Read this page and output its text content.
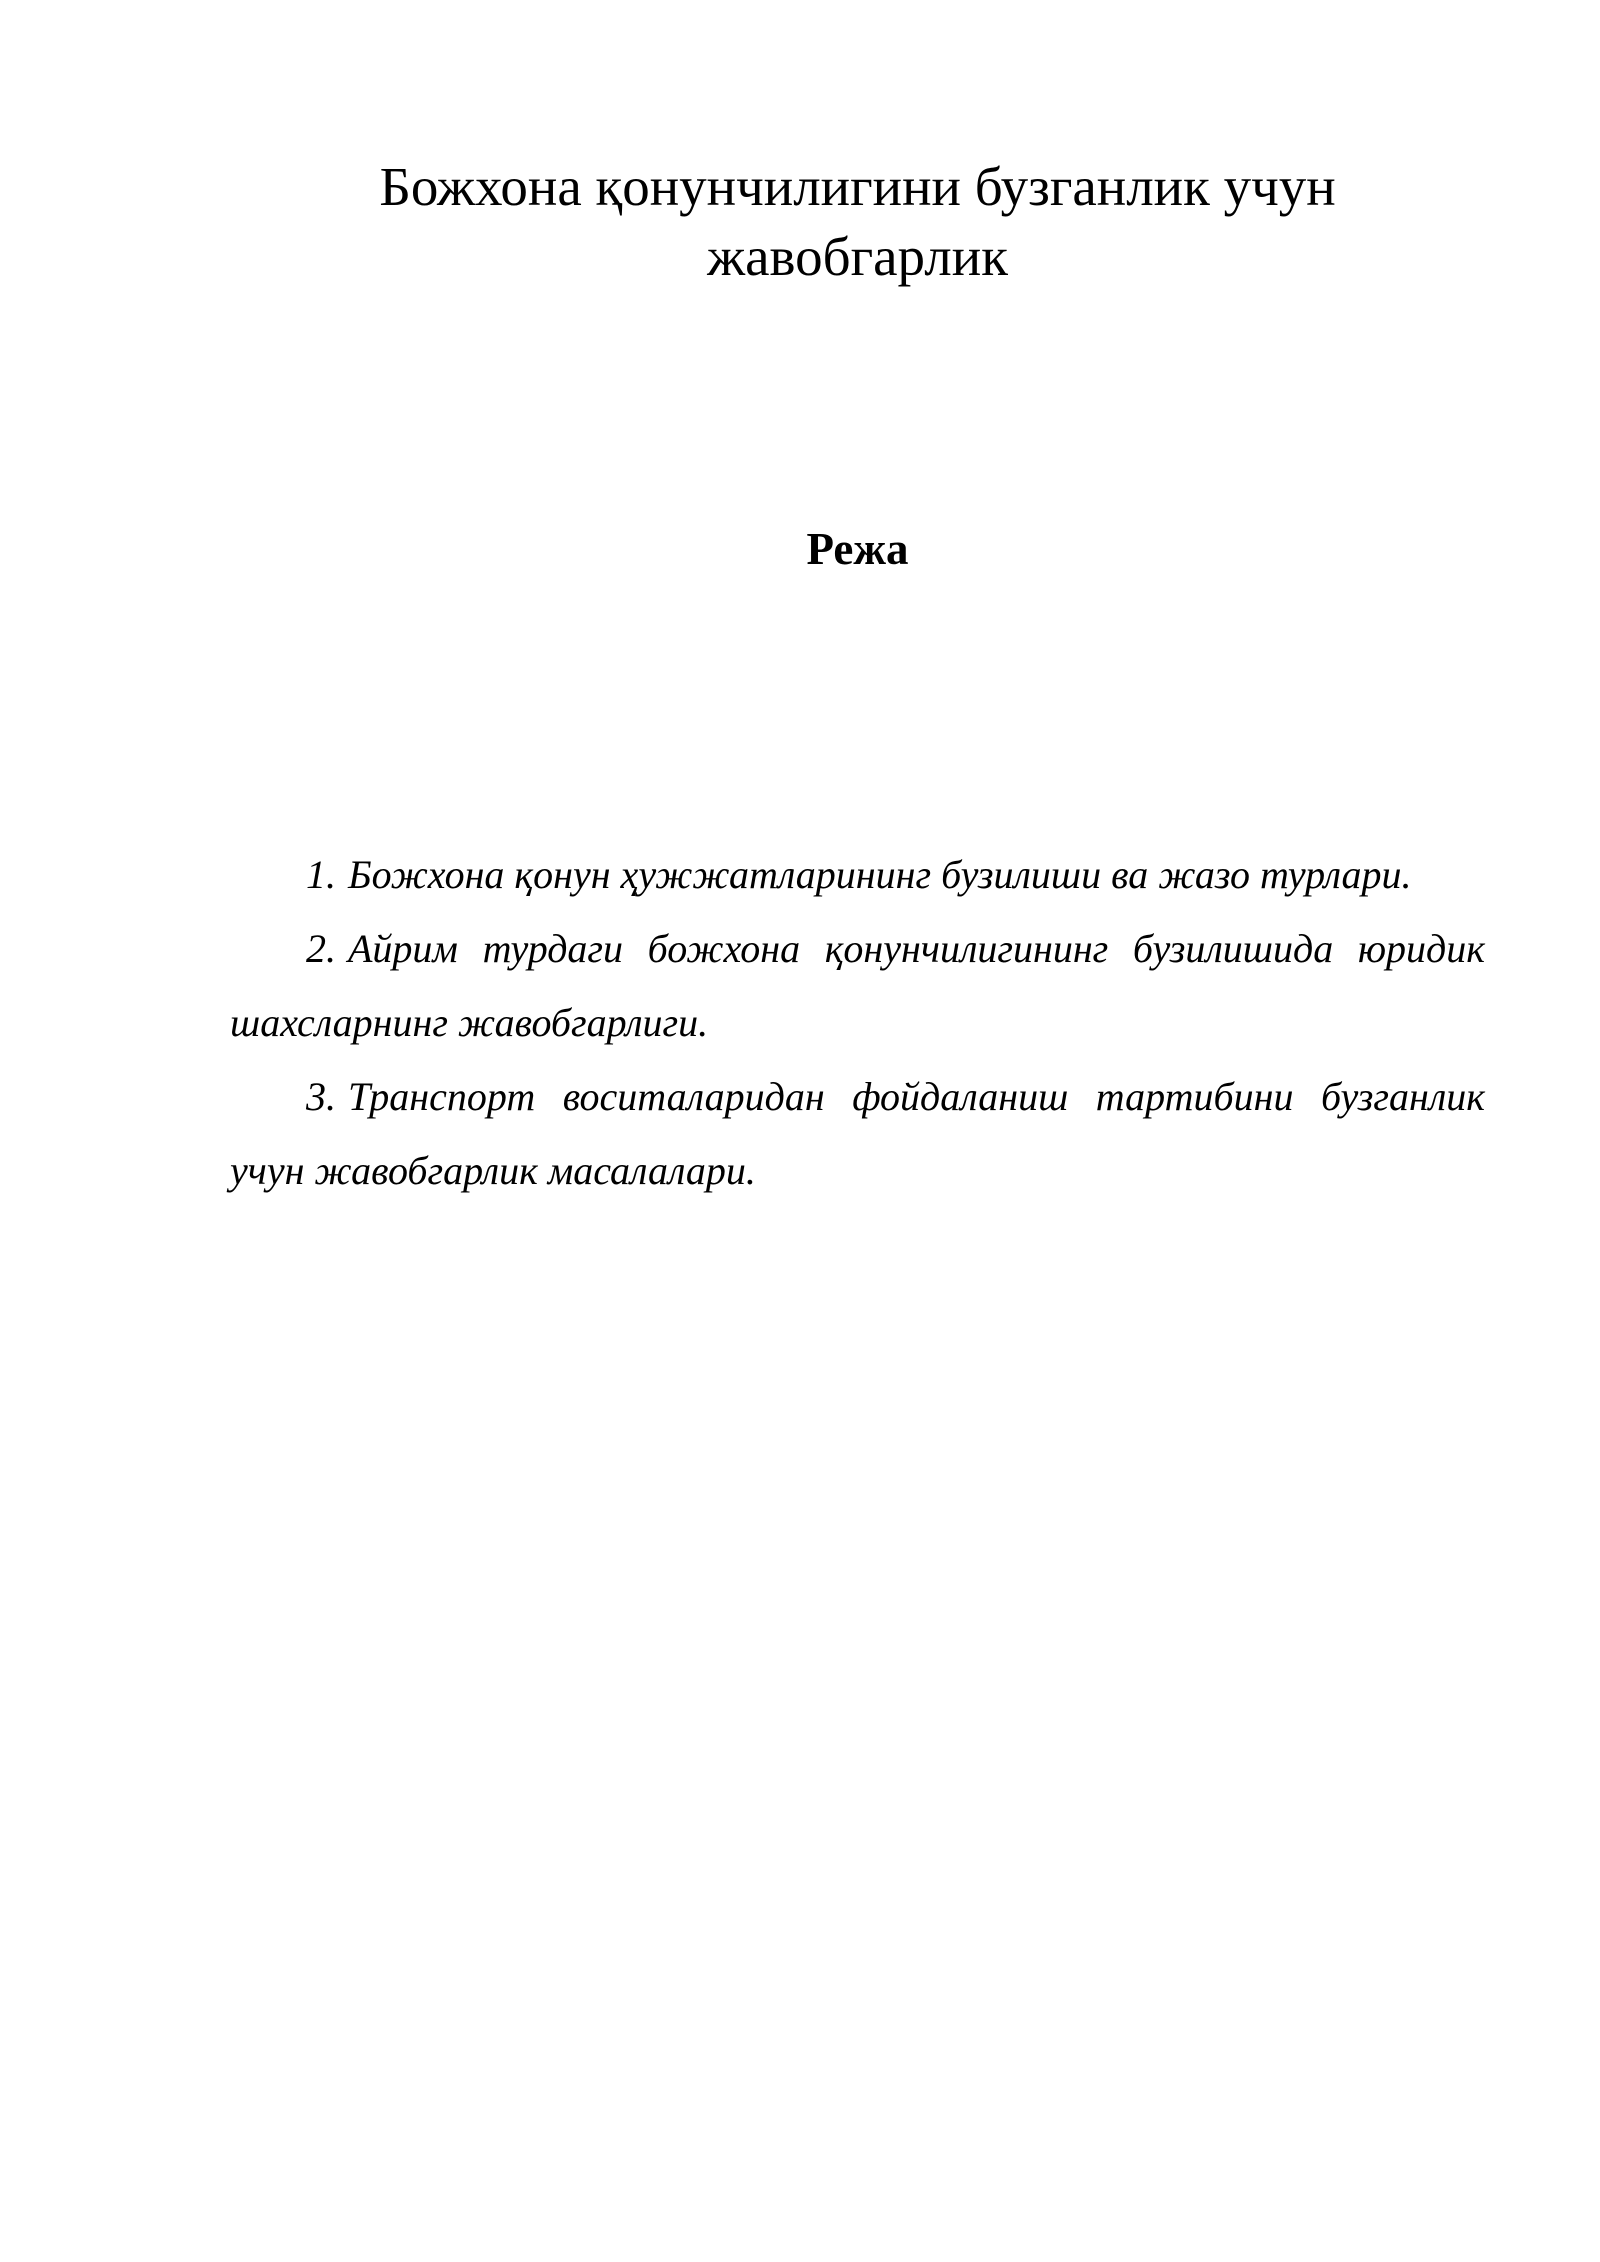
Божхона қонунчилигини бузганлик учун жавобгарлик
Режа
1. Божхона қонун ҳужжатларининг бузилиши ва жазо турлари.
2. Айрим турдаги божхона қонунчилигининг бузилишида юридик шахсларнинг жавобгарлиги.
3. Транспорт воситаларидан фойдаланиш тартибини бузганлик учун жавобгарлик масалалари.
